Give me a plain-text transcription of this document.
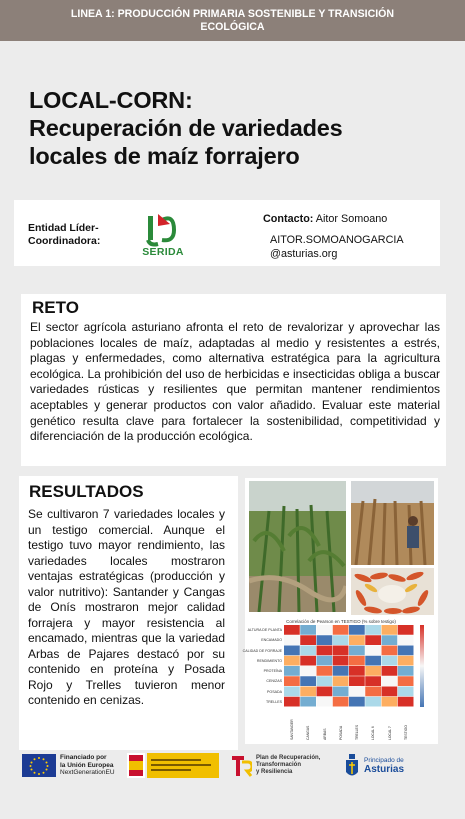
LINEA 1: PRODUCCIÓN PRIMARIA SOSTENIBLE Y TRANSICIÓN ECOLÓGICA
LOCAL-CORN:
Recuperación de variedades
locales de maíz forrajero
Entidad Líder-Coordinadora:
SERIDA
Contacto: Aitor Somoano
AITOR.SOMOANOGARCIA
@asturias.org
RETO
El sector agrícola asturiano afronta el reto de revalorizar y aprovechar las poblaciones locales de maíz, adaptadas al medio y resistentes a estrés, plagas y enfermedades, como alternativa estratégica para la agricultura ecológica. La prohibición del uso de herbicidas e insecticidas obliga a buscar variedades rústicas y resilientes que permitan mantener rendimientos aceptables y generar productos con valor añadido. Evaluar este material genético resulta clave para fortalecer la sostenibilidad, competitividad y diferenciación de la producción ecológica.
RESULTADOS
Se cultivaron 7 variedades locales y un testigo comercial. Aunque el testigo tuvo mayor rendimiento, las variedades locales mostraron ventajas estratégicas (producción y valor nutritivo): Santander y Cangas de Onís mostraron mejor calidad forrajera y mayor resistencia al encamado, mientras que la variedad Arbas de Pajares destacó por su contenido en proteína y Posada Rojo y Trelles tuvieron menor contenido en cenizas.
Correlación de Pearson en TESTIGO (% sobre testigo)
ALTURA DE PLANTA
ENCAMADO
CALIDAD DE FORRAJE
RENDIMIENTO
PROTEÍNA
CENIZAS
POSADA
TRELLES
SANTANDER	CANGAS	ARBAS	POSADA	TRELLES	LOCAL 6	LOCAL 7	TESTIGO
Financiado por
la Unión Europea
NextGenerationEU
Plan de Recuperación,
Transformación
y Resiliencia
Principado de
Asturias
